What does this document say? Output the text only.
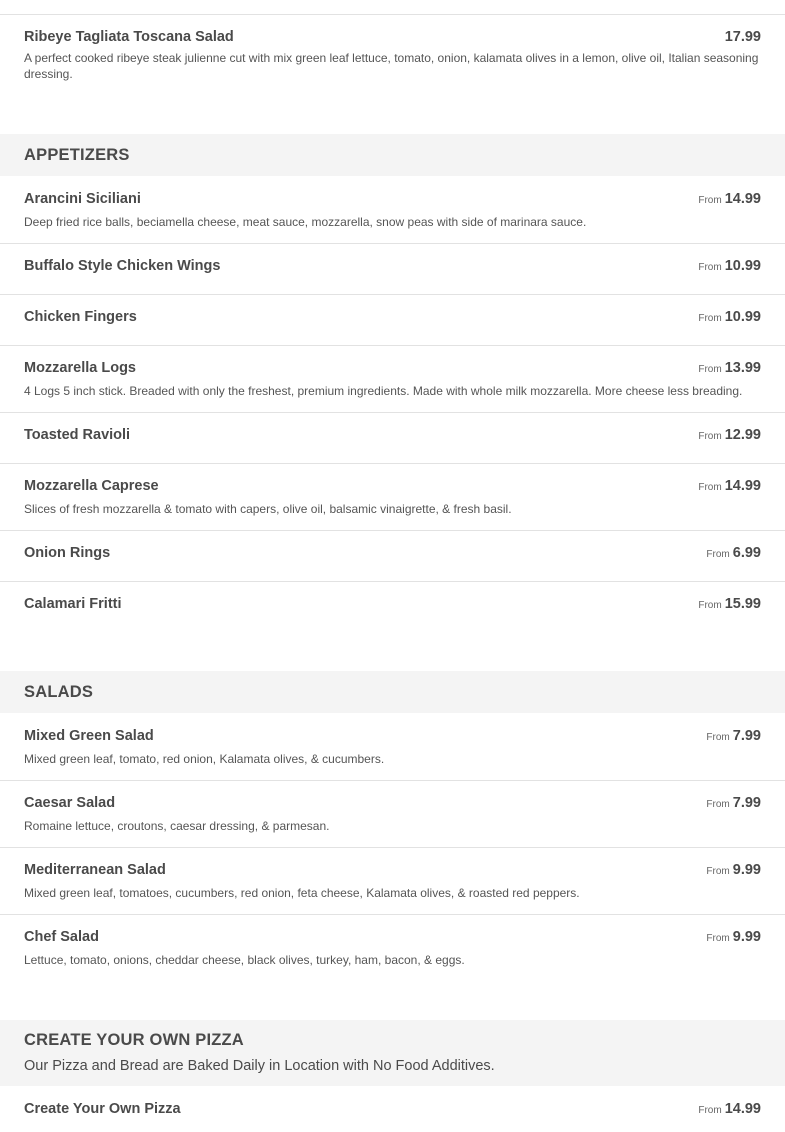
Ribeye Tagliata Toscana Salad	17.99
A perfect cooked ribeye steak julienne cut with mix green leaf lettuce, tomato, onion, kalamata olives in a lemon, olive oil, Italian seasoning dressing.
APPETIZERS
Arancini Siciliani	From 14.99
Deep fried rice balls, beciamella cheese, meat sauce, mozzarella, snow peas with side of marinara sauce.
Buffalo Style Chicken Wings	From 10.99
Chicken Fingers	From 10.99
Mozzarella Logs	From 13.99
4 Logs 5 inch stick. Breaded with only the freshest, premium ingredients. Made with whole milk mozzarella. More cheese less breading.
Toasted Ravioli	From 12.99
Mozzarella Caprese	From 14.99
Slices of fresh mozzarella & tomato with capers, olive oil, balsamic vinaigrette, & fresh basil.
Onion Rings	From 6.99
Calamari Fritti	From 15.99
SALADS
Mixed Green Salad	From 7.99
Mixed green leaf, tomato, red onion, Kalamata olives, & cucumbers.
Caesar Salad	From 7.99
Romaine lettuce, croutons, caesar dressing, & parmesan.
Mediterranean Salad	From 9.99
Mixed green leaf, tomatoes, cucumbers, red onion, feta cheese, Kalamata olives, & roasted red peppers.
Chef Salad	From 9.99
Lettuce, tomato, onions, cheddar cheese, black olives, turkey, ham, bacon, & eggs.
CREATE YOUR OWN PIZZA
Our Pizza and Bread are Baked Daily in Location with No Food Additives.
Create Your Own Pizza	From 14.99
